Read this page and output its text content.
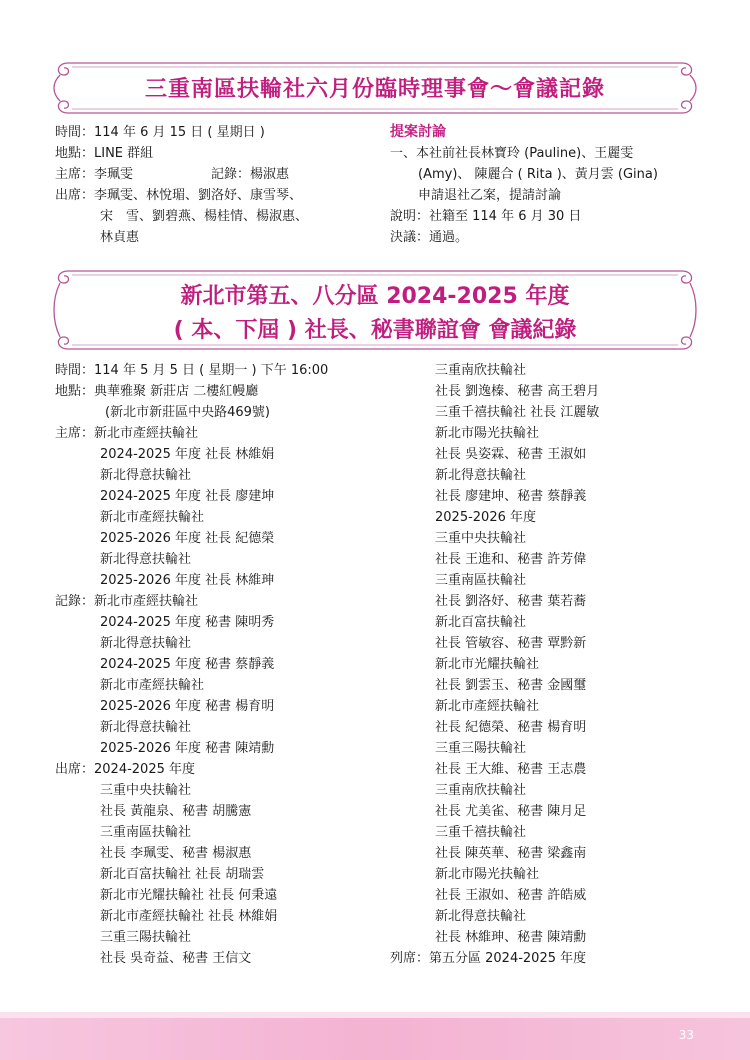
三重南區扶輪社六月份臨時理事會～會議記錄
時間：114 年 6 月 15 日 ( 星期日 )
地點：LINE 群組
主席：李珮雯　　　　　　記錄：楊淑惠
出席：李珮雯、林悅瑂、劉洛妤、康雪琴、
宋　雪、劉碧燕、楊桂情、楊淑惠、
林貞惠
提案討論
一、本社前社長林寶玲 (Pauline)、王麗雯
(Amy)、 陳麗合 ( Rita )、黃月雲 (Gina)
申請退社乙案，提請討論
說明：社籍至 114 年 6 月 30 日
決議：通過。
新北市第五、八分區 2024-2025 年度
( 本、下屆 ) 社長、秘書聯誼會 會議紀錄
時間：114 年 5 月 5 日 ( 星期一 ) 下午 16:00
地點：典華雅聚 新莊店 二樓紅幔廳
(新北市新莊區中央路469號)
主席：新北市產經扶輪社
2024-2025 年度 社長 林維娟
新北得意扶輪社
2024-2025 年度 社長 廖建坤
新北市產經扶輪社
2025-2026 年度 社長 紀德榮
新北得意扶輪社
2025-2026 年度 社長 林維珅
記錄：新北市產經扶輪社
2024-2025 年度 秘書 陳明秀
新北得意扶輪社
2024-2025 年度 秘書 蔡靜義
新北市產經扶輪社
2025-2026 年度 秘書 楊育明
新北得意扶輪社
2025-2026 年度 秘書 陳靖勳
出席：2024-2025 年度
三重中央扶輪社
社長 黃龍泉、秘書 胡騰憲
三重南區扶輪社
社長 李珮雯、秘書 楊淑惠
新北百富扶輪社 社長 胡瑞雲
新北市光耀扶輪社 社長 何秉遠
新北市產經扶輪社 社長 林維娟
三重三陽扶輪社
社長 吳奇益、秘書 王信文
三重南欣扶輪社
社長 劉逸榛、秘書 高王碧月
三重千禧扶輪社 社長 江麗敏
新北市陽光扶輪社
社長 吳姿霖、秘書 王淑如
新北得意扶輪社
社長 廖建坤、秘書 蔡靜義
2025-2026 年度
三重中央扶輪社
社長 王進和、秘書 許芳偉
三重南區扶輪社
社長 劉洛妤、秘書 葉若蕎
新北百富扶輪社
社長 管敏容、秘書 覃黔新
新北市光耀扶輪社
社長 劉雲玉、秘書 金國璽
新北市產經扶輪社
社長 紀德榮、秘書 楊育明
三重三陽扶輪社
社長 王大維、秘書 王志農
三重南欣扶輪社
社長 尤美雀、秘書 陳月足
三重千禧扶輪社
社長 陳英華、秘書 梁鑫南
新北市陽光扶輪社
社長 王淑如、秘書 許皓威
新北得意扶輪社
社長 林維珅、秘書 陳靖勳
列席：第五分區 2024-2025 年度
33
